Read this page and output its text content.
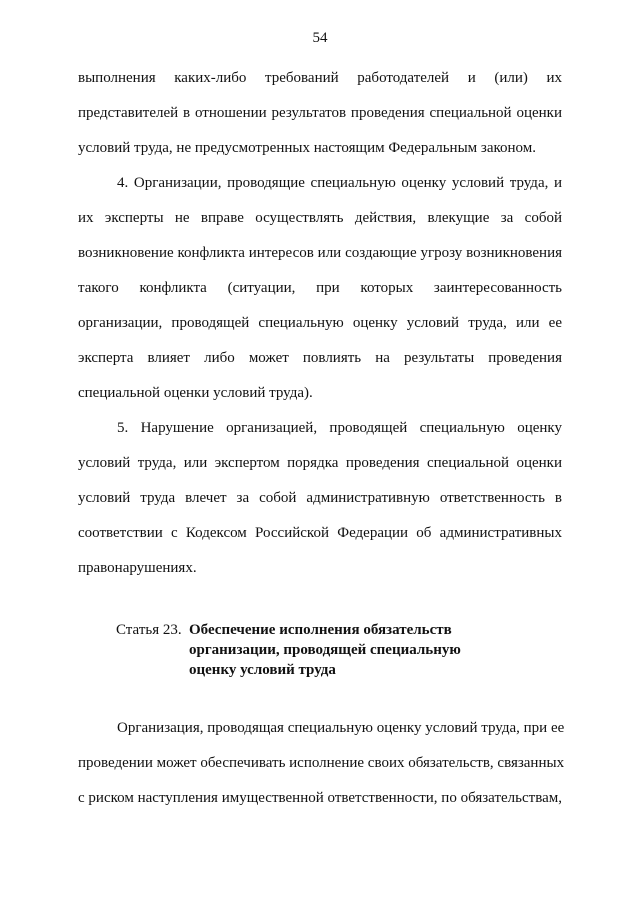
54
выполнения каких-либо требований работодателей и (или) их
представителей в отношении результатов проведения специальной оценки
условий труда, не предусмотренных настоящим Федеральным законом.
4. Организации, проводящие специальную оценку условий труда, и
их эксперты не вправе осуществлять действия, влекущие за собой
возникновение конфликта интересов или создающие угрозу возникновения
такого конфликта (ситуации, при которых заинтересованность
организации, проводящей специальную оценку условий труда, или ее
эксперта влияет либо может повлиять на результаты проведения
специальной оценки условий труда).
5. Нарушение организацией, проводящей специальную оценку
условий труда, или экспертом порядка проведения специальной оценки
условий труда влечет за собой административную ответственность в
соответствии с Кодексом Российской Федерации об административных
правонарушениях.
Статья 23. Обеспечение исполнения обязательств
организации, проводящей специальную
оценку условий труда
Организация, проводящая специальную оценку условий труда, при ее
проведении может обеспечивать исполнение своих обязательств, связанных
с риском наступления имущественной ответственности, по обязательствам,
